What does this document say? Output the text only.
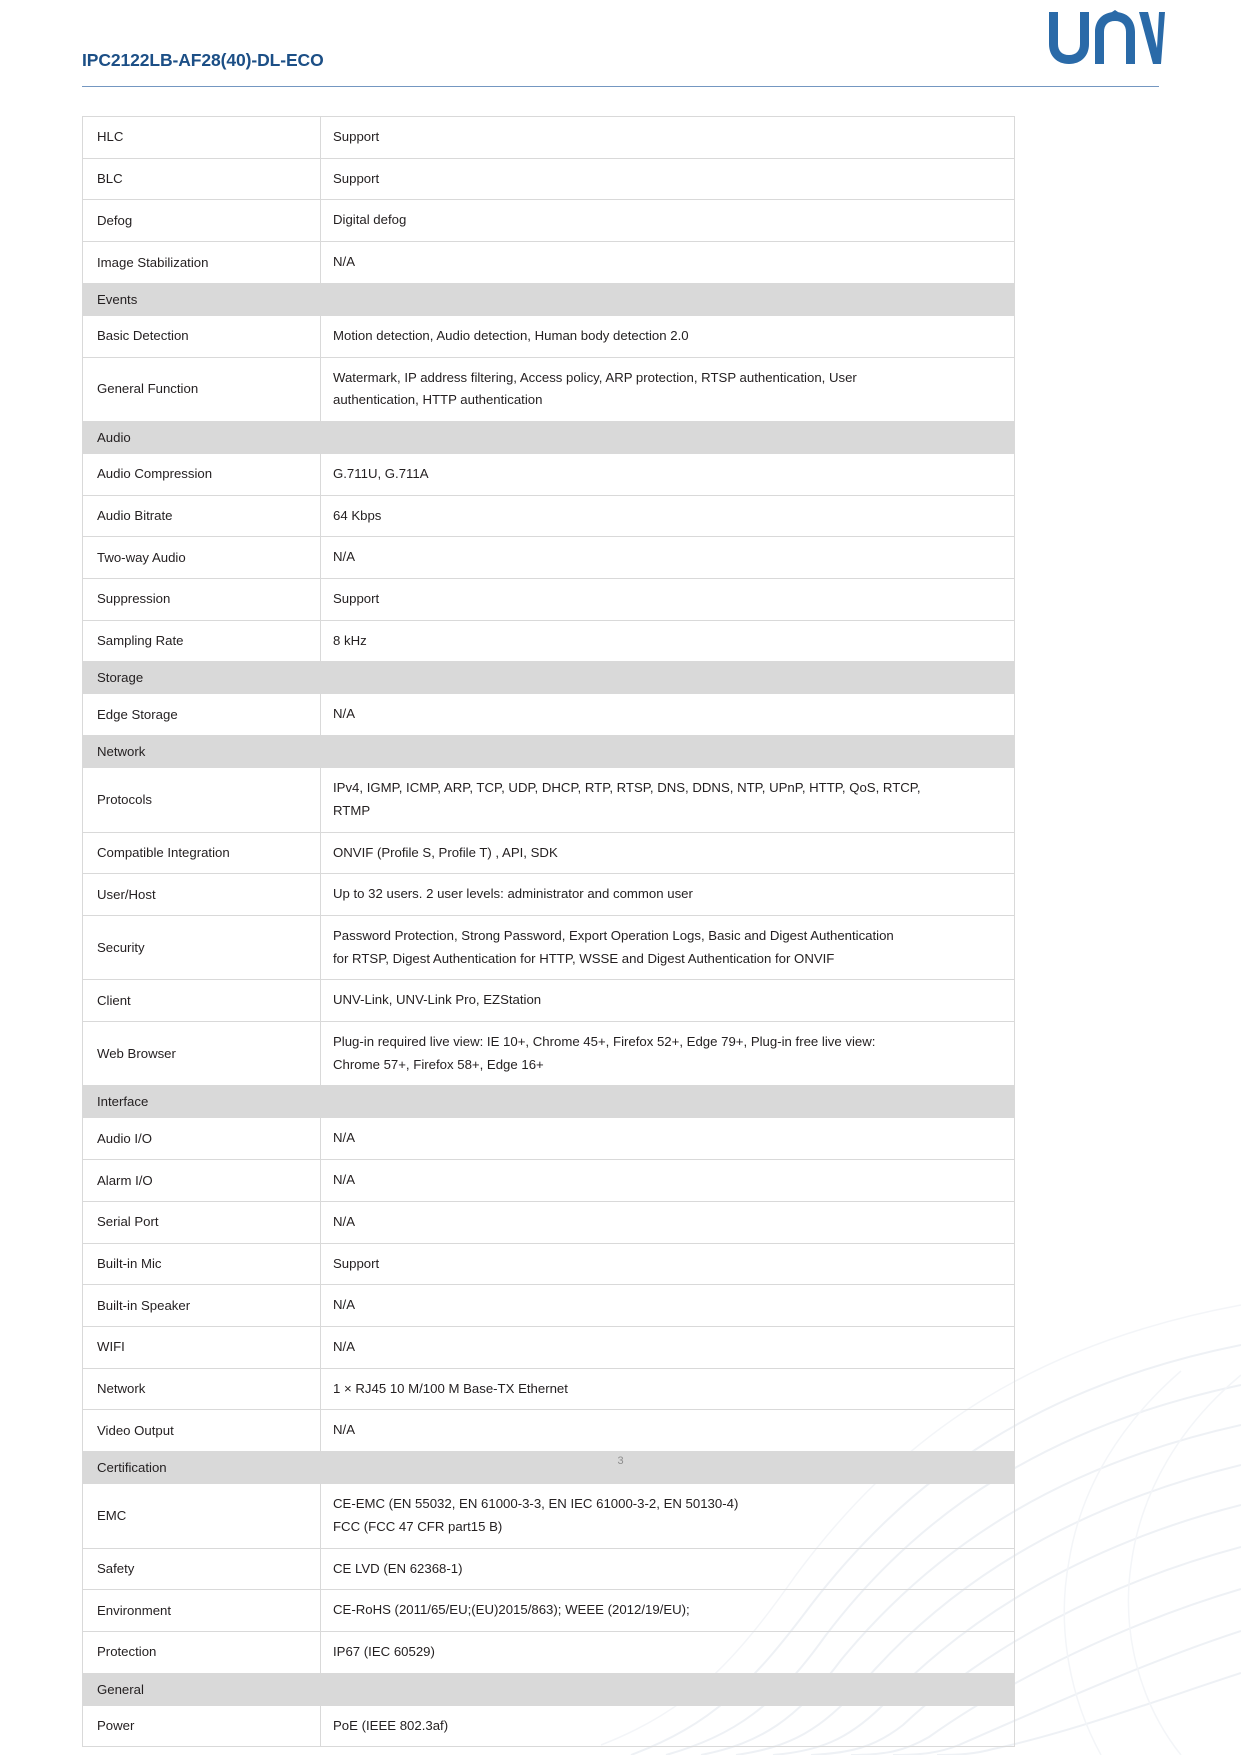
IPC2122LB-AF28(40)-DL-ECO
HLC	Support

BLC	Support

Defog	Digital defog

Image Stabilization	N/A

Events	
Basic Detection	Motion detection, Audio detection, Human body detection 2.0

General Function	Watermark, IP address filtering, Access policy, ARP protection, RTSP authentication, User
authentication, HTTP authentication

Audio	
Audio Compression	G.711U, G.711A

Audio Bitrate	64 Kbps

Two-way Audio	N/A

Suppression	Support

Sampling Rate	8 kHz

Storage	
Edge Storage	N/A

Network	
Protocols	IPv4, IGMP, ICMP, ARP, TCP, UDP, DHCP, RTP, RTSP, DNS, DDNS, NTP, UPnP, HTTP, QoS, RTCP,
RTMP

Compatible Integration	ONVIF (Profile S, Profile T) , API, SDK

User/Host	Up to 32 users. 2 user levels: administrator and common user

Security	Password Protection, Strong Password, Export Operation Logs, Basic and Digest Authentication
for RTSP, Digest Authentication for HTTP, WSSE and Digest Authentication for ONVIF

Client	UNV-Link, UNV-Link Pro, EZStation

Web Browser	Plug-in required live view: IE 10+, Chrome 45+, Firefox 52+, Edge 79+, Plug-in free live view:
Chrome 57+, Firefox 58+, Edge 16+

Interface	
Audio I/O	N/A

Alarm I/O	N/A

Serial Port	N/A

Built-in Mic	Support

Built-in Speaker	N/A

WIFI	N/A

Network	1 × RJ45 10 M/100 M Base-TX Ethernet

Video Output	N/A

Certification	
EMC	CE-EMC (EN 55032, EN 61000-3-3, EN IEC 61000-3-2, EN 50130-4)
FCC (FCC 47 CFR part15 B)

Safety	CE LVD (EN 62368-1)

Environment	CE-RoHS (2011/65/EU;(EU)2015/863); WEEE (2012/19/EU);

Protection	IP67 (IEC 60529)

General	
Power	PoE (IEEE 802.3af)
3
